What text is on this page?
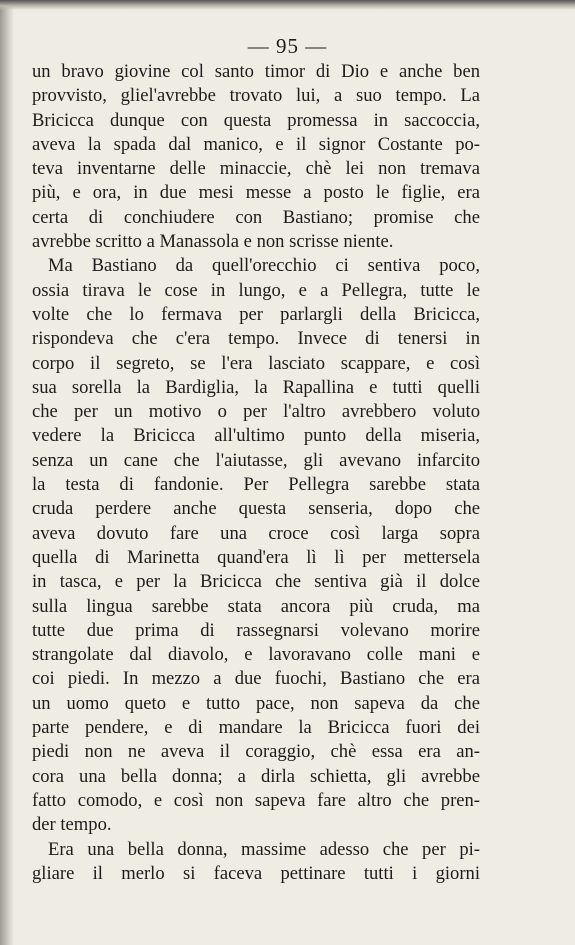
— 95 —
un bravo giovine col santo timor di Dio e anche ben
provvisto, gliel'avrebbe trovato lui, a suo tempo. La
Bricicca dunque con questa promessa in saccoccia,
aveva la spada dal manico, e il signor Costante po-
teva inventarne delle minaccie, chè lei non tremava
più, e ora, in due mesi messe a posto le figlie, era
certa di conchiudere con Bastiano; promise che
avrebbe scritto a Manassola e non scrisse niente.
Ma Bastiano da quell'orecchio ci sentiva poco,
ossia tirava le cose in lungo, e a Pellegra, tutte le
volte che lo fermava per parlargli della Bricicca,
rispondeva che c'era tempo. Invece di tenersi in
corpo il segreto, se l'era lasciato scappare, e così
sua sorella la Bardiglia, la Rapallina e tutti quelli
che per un motivo o per l'altro avrebbero voluto
vedere la Bricicca all'ultimo punto della miseria,
senza un cane che l'aiutasse, gli avevano infarcito
la testa di fandonie. Per Pellegra sarebbe stata
cruda perdere anche questa senseria, dopo che
aveva dovuto fare una croce così larga sopra
quella di Marinetta quand'era lì lì per mettersela
in tasca, e per la Bricicca che sentiva già il dolce
sulla lingua sarebbe stata ancora più cruda, ma
tutte due prima di rassegnarsi volevano morire
strangolate dal diavolo, e lavoravano colle mani e
coi piedi. In mezzo a due fuochi, Bastiano che era
un uomo queto e tutto pace, non sapeva da che
parte pendere, e di mandare la Bricicca fuori dei
piedi non ne aveva il coraggio, chè essa era an-
cora una bella donna; a dirla schietta, gli avrebbe
fatto comodo, e così non sapeva fare altro che pren-
der tempo.
Era una bella donna, massime adesso che per pi-
gliare il merlo si faceva pettinare tutti i giorni
